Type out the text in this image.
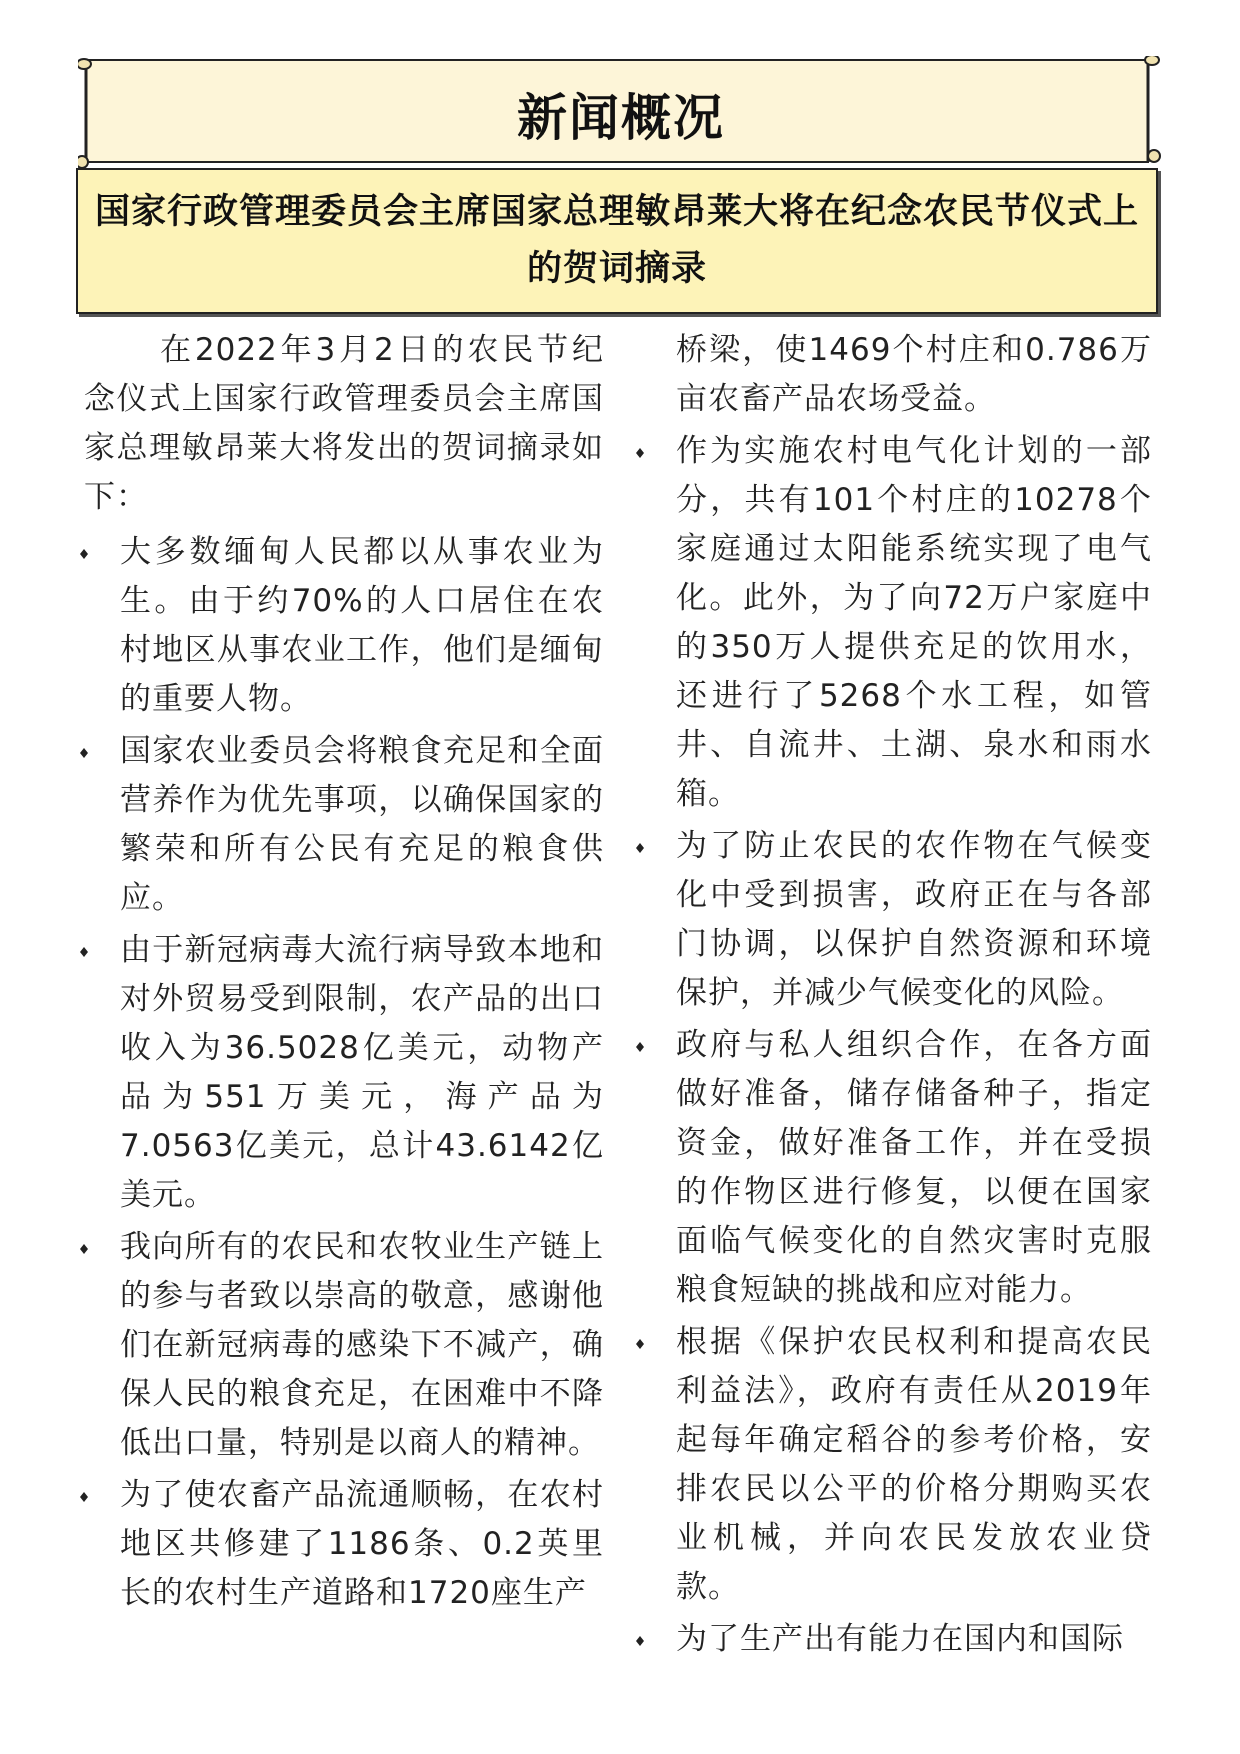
新闻概况
国家行政管理委员会主席国家总理敏昂莱大将在纪念农民节仪式上的贺词摘录

在2022年3月2日的农民节纪念仪式上国家行政管理委员会主席国家总理敏昂莱大将发出的贺词摘录如下：

大多数缅甸人民都以从事农业为生。由于约70%的人口居住在农村地区从事农业工作，他们是缅甸的重要人物。
国家农业委员会将粮食充足和全面营养作为优先事项，以确保国家的繁荣和所有公民有充足的粮食供应。
由于新冠病毒大流行病导致本地和对外贸易受到限制，农产品的出口收入为36.5028亿美元，动物产品为551万美元，海产品为7.0563亿美元，总计43.6142亿美元。
我向所有的农民和农牧业生产链上的参与者致以崇高的敬意，感谢他们在新冠病毒的感染下不减产，确保人民的粮食充足，在困难中不降低出口量，特别是以商人的精神。
为了使农畜产品流通顺畅，在农村地区共修建了1186条、0.2英里长的农村生产道路和1720座生产

桥梁，使1469个村庄和0.786万亩农畜产品农场受益。

作为实施农村电气化计划的一部分，共有101个村庄的10278个家庭通过太阳能系统实现了电气化。此外，为了向72万户家庭中的350万人提供充足的饮用水，还进行了5268个水工程，如管井、自流井、土湖、泉水和雨水箱。
为了防止农民的农作物在气候变化中受到损害，政府正在与各部门协调，以保护自然资源和环境保护，并减少气候变化的风险。
政府与私人组织合作，在各方面做好准备，储存储备种子，指定资金，做好准备工作，并在受损的作物区进行修复，以便在国家面临气候变化的自然灾害时克服粮食短缺的挑战和应对能力。
根据《保护农民权利和提高农民利益法》，政府有责任从2019年起每年确定稻谷的参考价格，安排农民以公平的价格分期购买农业机械，并向农民发放农业贷款。
为了生产出有能力在国内和国际
